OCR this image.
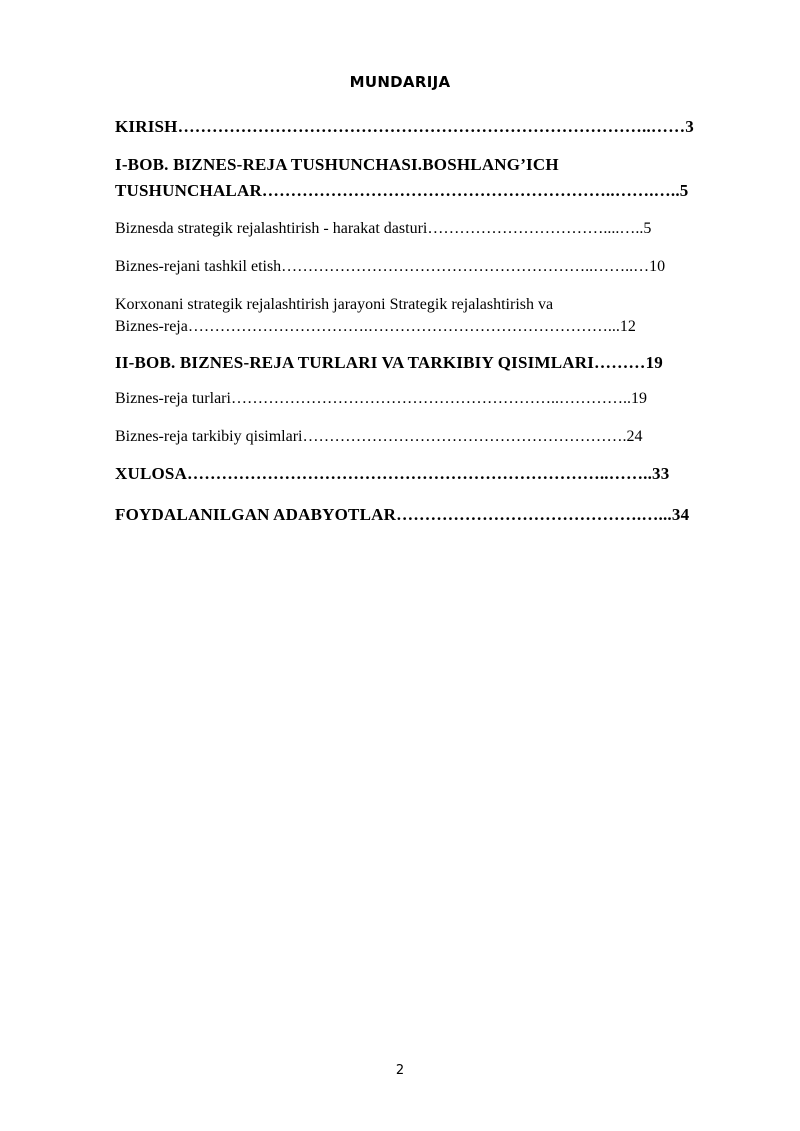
MUNDARIJA
KIRISH………………………………………………………………………..……3
I-BOB. BIZNES-REJA TUSHUNCHASI.BOSHLANG’ICH
TUSHUNCHALAR……………………………………………………..…….…..5
Biznesda strategik rejalashtirish - harakat dasturi……………………………....…..5
Biznes-rejani tashkil etish…………………………………………………..……..…10
Korxonani strategik rejalashtirish jarayoni Strategik rejalashtirish va
Biznes-reja…………………………….………………………………………...12
II-BOB. BIZNES-REJA TURLARI VA TARKIBIY QISIMLARI………19
Biznes-reja turlari……………………………………………………..…………..19
Biznes-reja tarkibiy qisimlari…………………………………………………….24
XULOSA………………………………………………………………..……..33
FOYDALANILGAN ADABYOTLAR…………………………………….…...34
2
